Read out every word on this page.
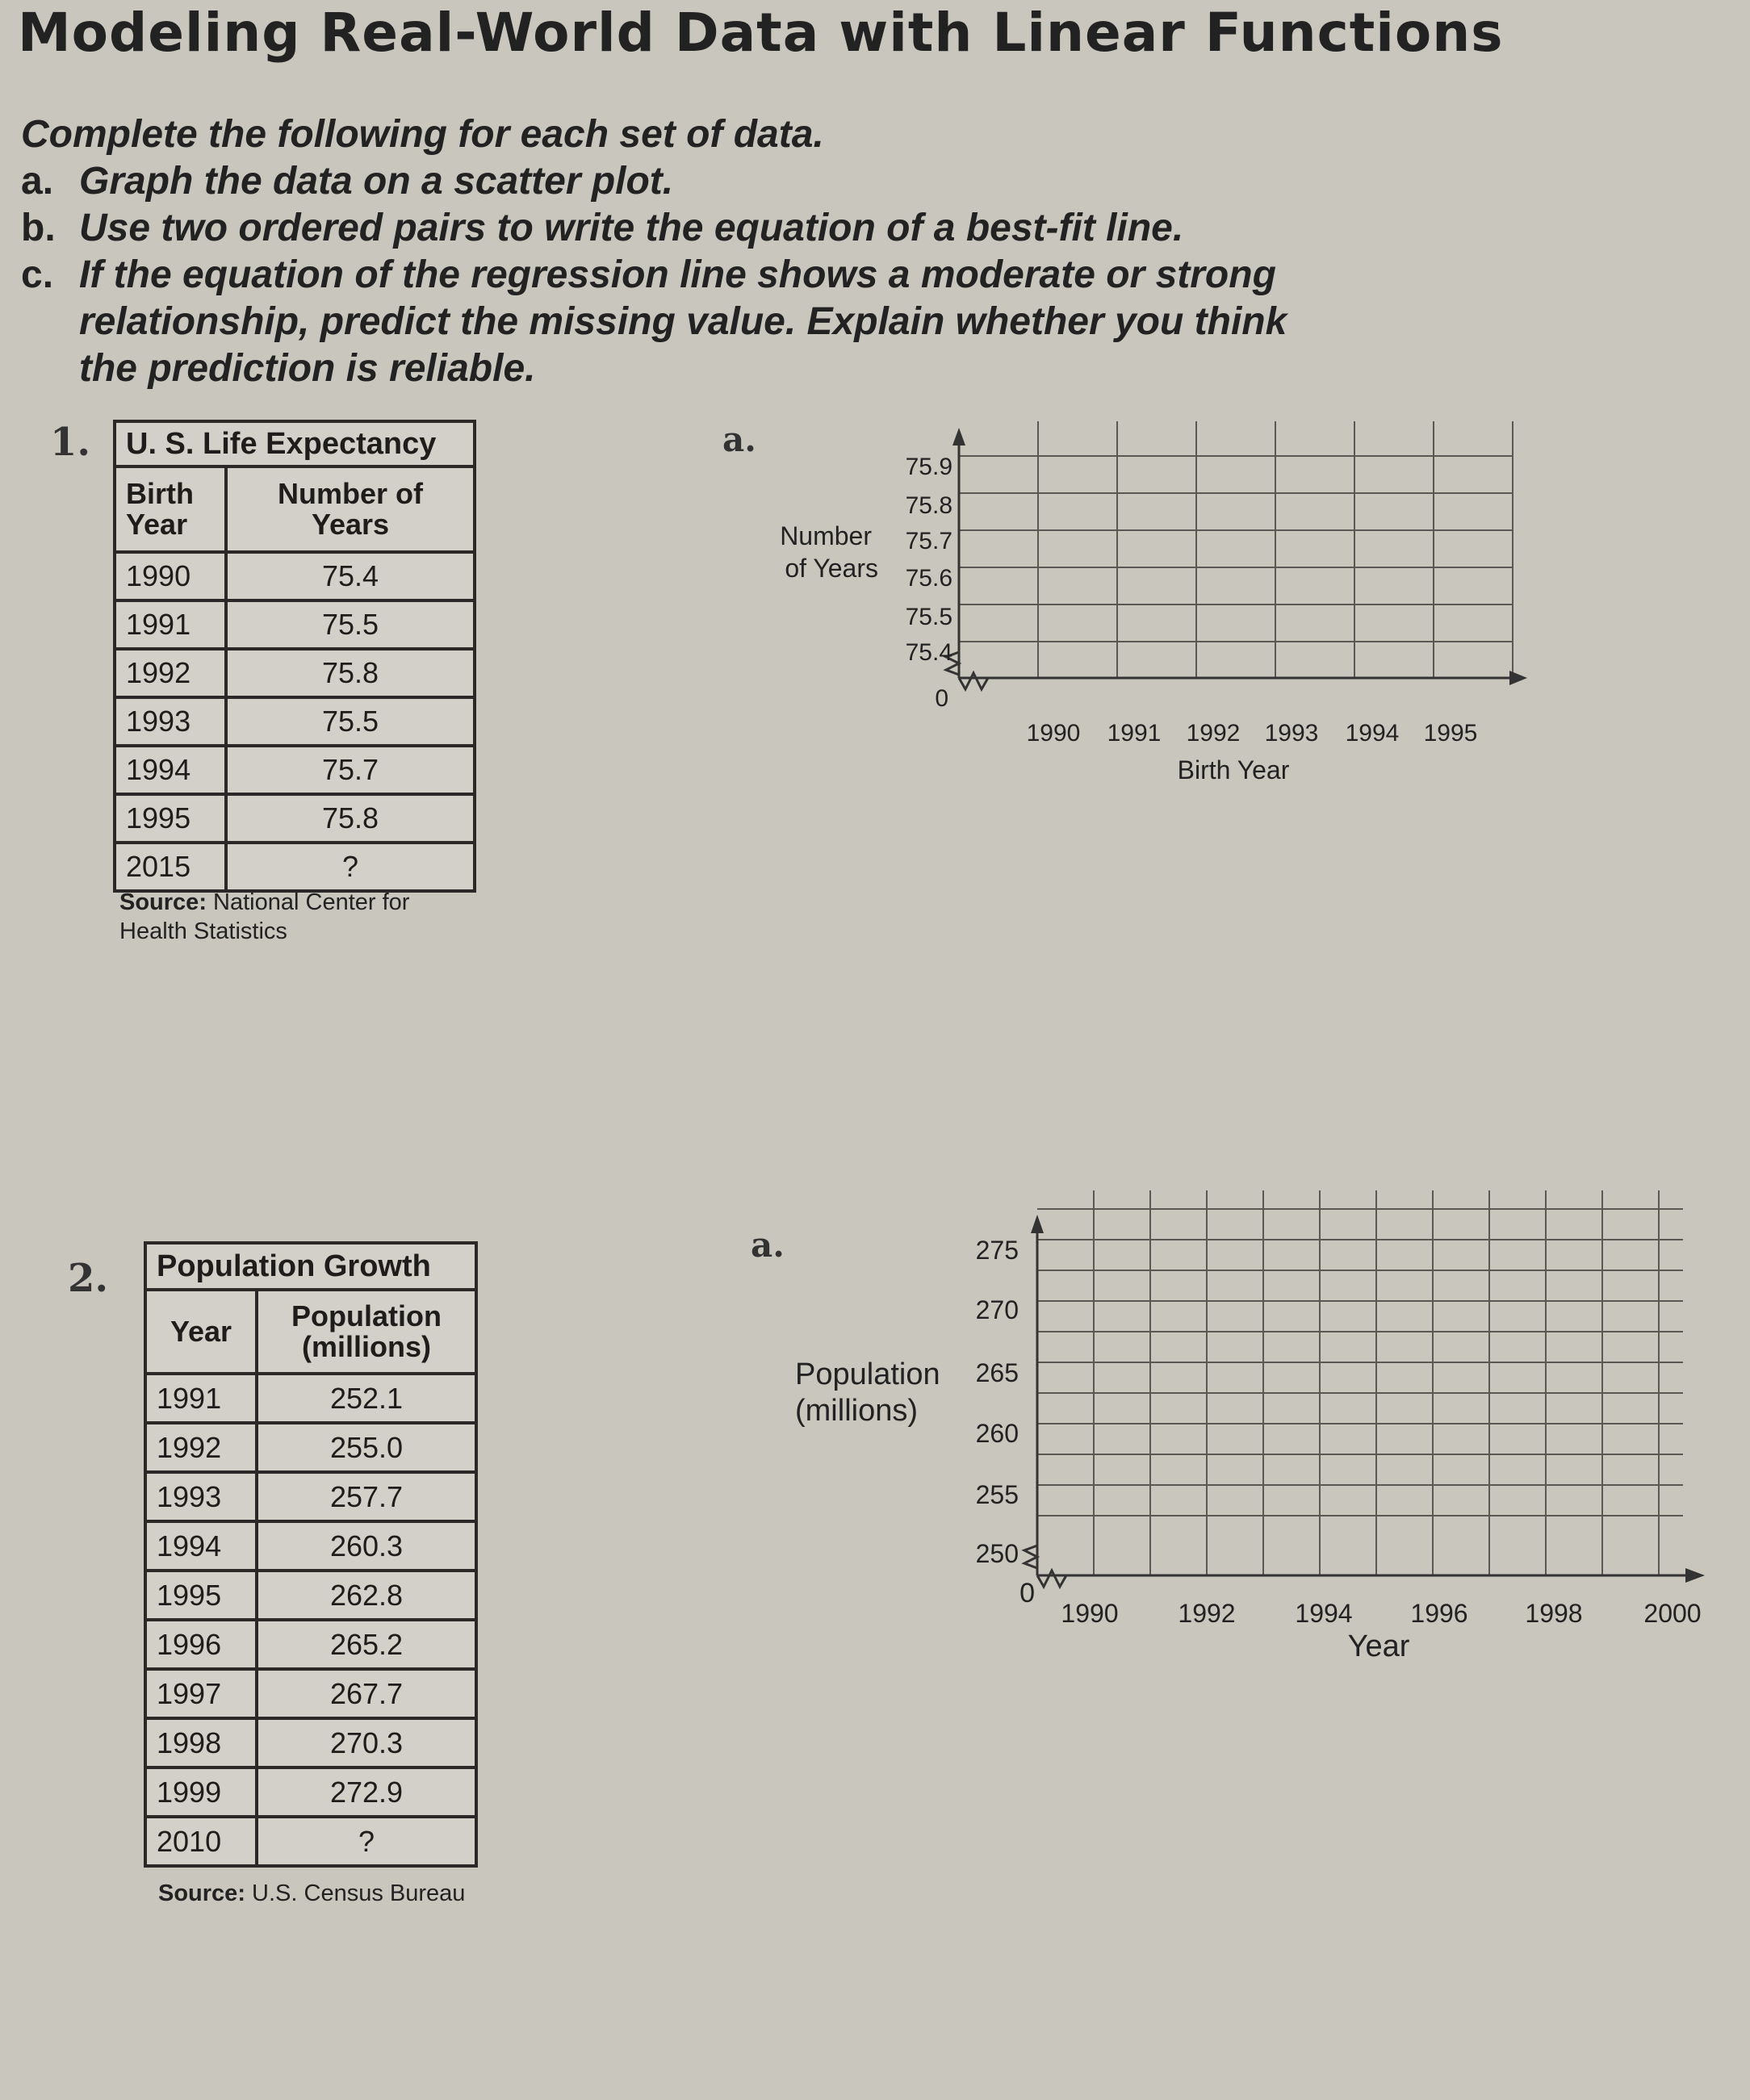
Modeling Real-World Data with Linear Functions
Complete the following for each set of data.
a. Graph the data on a scatter plot.
b. Use two ordered pairs to write the equation of a best-fit line.
c. If the equation of the regression line shows a moderate or strong relationship, predict the missing value. Explain whether you think the prediction is reliable.
1. U. S. Life Expectancy	
Birth Year	Number of Years
1990	75.4
1991	75.5
1992	75.8
1993	75.5
1994	75.7
1995	75.8
2015	?
Source: National Center for Health Statistics
a.
2. Population Growth	
Year	Population (millions)
1991	252.1
1992	255.0
1993	257.7
1994	260.3
1995	262.8
1996	265.2
1997	267.7
1998	270.3
1999	272.9
2010	?
Source: U.S. Census Bureau
a.
75.9
75.8
75.7
75.6
75.5
75.4
1990 1991 1992 1993 1994 1995
0
Number
of Years
Birth Year
275
270
265
260
255
250
1990 1992 1994 1996 1998 2000
0
Population
(millions)
Year
